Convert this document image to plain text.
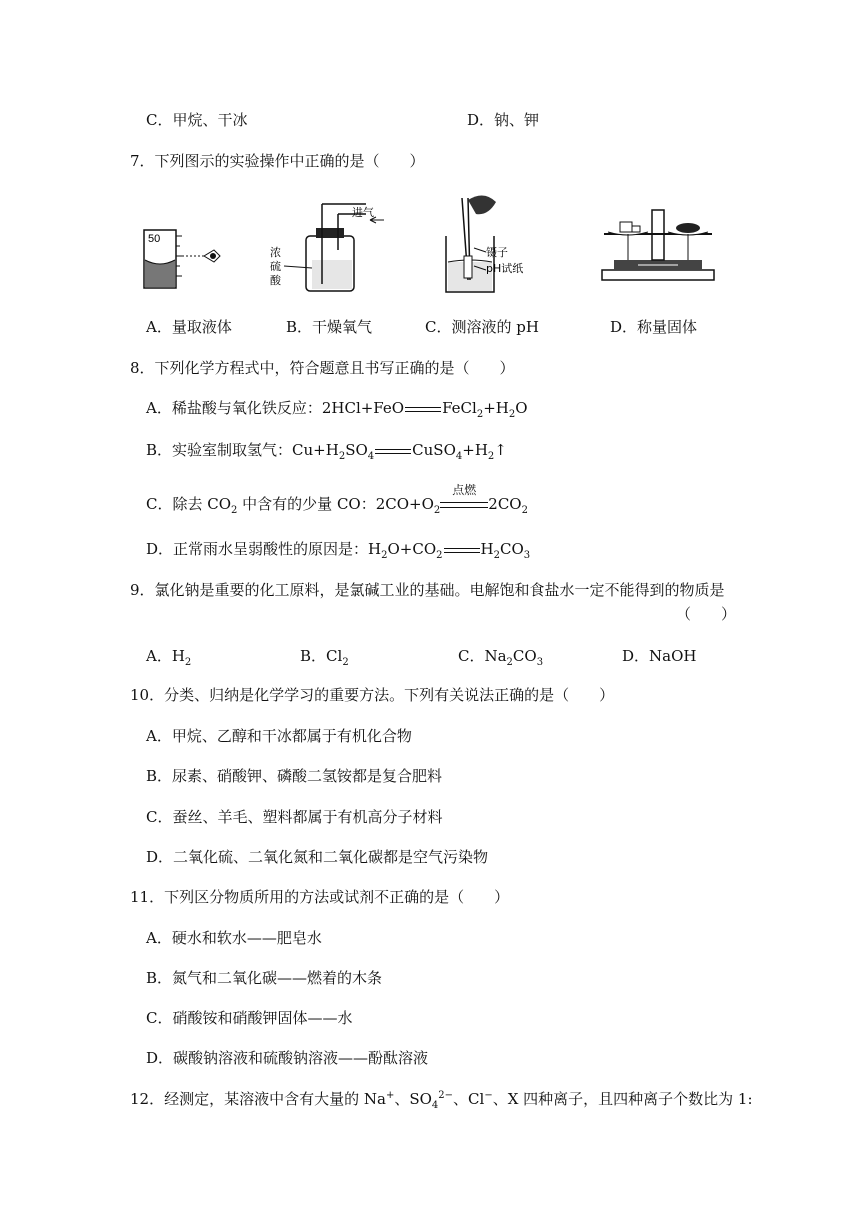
C．甲烷、干冰	D．钠、钾
7．下列图示的实验操作中正确的是（　　）
50
进气
浓
硫
酸
镊子
pH试纸
A．量取液体	B．干燥氧气	C．测溶液的 pH	D．称量固体
8．下列化学方程式中，符合题意且书写正确的是（　　）
A．稀盐酸与氧化铁反应：2HCl+FeO	$FeCl_2+H_2O$
B．实验室制取氢气：$Cu+H_2SO_4$	$CuSO_4+H_2↑$
C．除去 $CO_2$ 中含有的少量 CO：$2CO+O_2$
点燃
$2CO_2$
D．正常雨水呈弱酸性的原因是：$H_2O+CO_2$	$H_2CO_3$
9．氯化钠是重要的化工原料，是氯碱工业的基础。电解饱和食盐水一定不能得到的物质是
（　　）
A．$H_2$	B．$Cl_2$	C．$Na_2CO_3$	D．NaOH
10．分类、归纳是化学学习的重要方法。下列有关说法正确的是（　　）
A．甲烷、乙醇和干冰都属于有机化合物
B．尿素、硝酸钾、磷酸二氢铵都是复合肥料
C．蚕丝、羊毛、塑料都属于有机高分子材料
D．二氧化硫、二氧化氮和二氧化碳都是空气污染物
11．下列区分物质所用的方法或试剂不正确的是（　　）
A．硬水和软水——肥皂水
B．氮气和二氧化碳——燃着的木条
C．硝酸铵和硝酸钾固体——水
D．碳酸钠溶液和硫酸钠溶液——酚酞溶液
12．经测定，某溶液中含有大量的 Na+、$SO_4^{2-}$、Cl−、X 四种离子，且四种离子个数比为 1:
